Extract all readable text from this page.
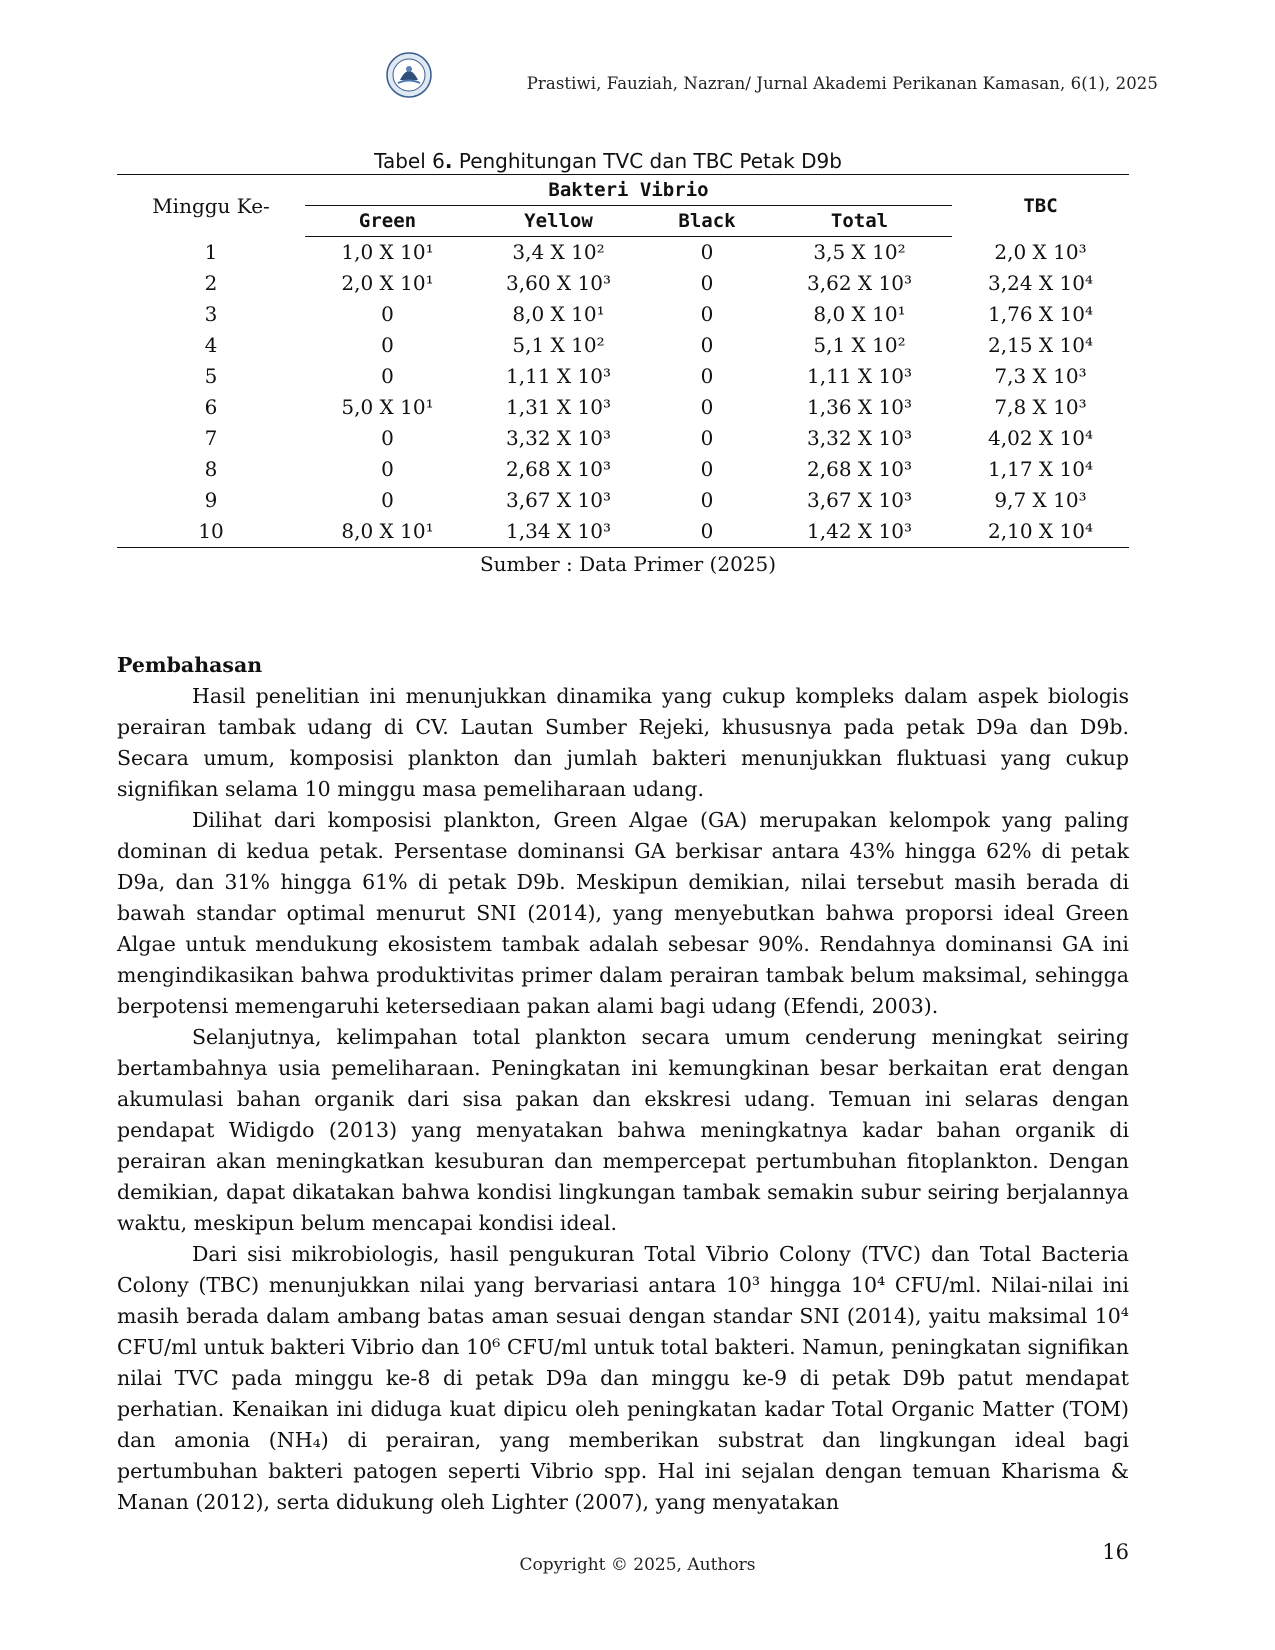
Prastiwi, Fauziah, Nazran/ Jurnal Akademi Perikanan Kamasan, 6(1), 2025
Tabel 6. Penghitungan TVC dan TBC Petak D9b
Minggu Ke-	Bakteri Vibrio				TBC
	Green	Yellow	Black	Total	
1	1,0 X 10¹	3,4 X 10²	0	3,5 X 10²	2,0 X 10³
2	2,0 X 10¹	3,60 X 10³	0	3,62 X 10³	3,24 X 10⁴
3	0	8,0 X 10¹	0	8,0 X 10¹	1,76 X 10⁴
4	0	5,1 X 10²	0	5,1 X 10²	2,15 X 10⁴
5	0	1,11 X 10³	0	1,11 X 10³	7,3 X 10³
6	5,0 X 10¹	1,31 X 10³	0	1,36 X 10³	7,8 X 10³
7	0	3,32 X 10³	0	3,32 X 10³	4,02 X 10⁴
8	0	2,68 X 10³	0	2,68 X 10³	1,17 X 10⁴
9	0	3,67 X 10³	0	3,67 X 10³	9,7 X 10³
10	8,0 X 10¹	1,34 X 10³	0	1,42 X 10³	2,10 X 10⁴
Sumber : Data Primer (2025)
Pembahasan

Hasil penelitian ini menunjukkan dinamika yang cukup kompleks dalam aspek biologis perairan tambak udang di CV. Lautan Sumber Rejeki, khususnya pada petak D9a dan D9b. Secara umum, komposisi plankton dan jumlah bakteri menunjukkan fluktuasi yang cukup signifikan selama 10 minggu masa pemeliharaan udang.

Dilihat dari komposisi plankton, Green Algae (GA) merupakan kelompok yang paling dominan di kedua petak. Persentase dominansi GA berkisar antara 43% hingga 62% di petak D9a, dan 31% hingga 61% di petak D9b. Meskipun demikian, nilai tersebut masih berada di bawah standar optimal menurut SNI (2014), yang menyebutkan bahwa proporsi ideal Green Algae untuk mendukung ekosistem tambak adalah sebesar 90%. Rendahnya dominansi GA ini mengindikasikan bahwa produktivitas primer dalam perairan tambak belum maksimal, sehingga berpotensi memengaruhi ketersediaan pakan alami bagi udang (Efendi, 2003).

Selanjutnya, kelimpahan total plankton secara umum cenderung meningkat seiring bertambahnya usia pemeliharaan. Peningkatan ini kemungkinan besar berkaitan erat dengan akumulasi bahan organik dari sisa pakan dan ekskresi udang. Temuan ini selaras dengan pendapat Widigdo (2013) yang menyatakan bahwa meningkatnya kadar bahan organik di perairan akan meningkatkan kesuburan dan mempercepat pertumbuhan fitoplankton. Dengan demikian, dapat dikatakan bahwa kondisi lingkungan tambak semakin subur seiring berjalannya waktu, meskipun belum mencapai kondisi ideal.

Dari sisi mikrobiologis, hasil pengukuran Total Vibrio Colony (TVC) dan Total Bacteria Colony (TBC) menunjukkan nilai yang bervariasi antara 10³ hingga 10⁴ CFU/ml. Nilai-nilai ini masih berada dalam ambang batas aman sesuai dengan standar SNI (2014), yaitu maksimal 10⁴ CFU/ml untuk bakteri Vibrio dan 10⁶ CFU/ml untuk total bakteri. Namun, peningkatan signifikan nilai TVC pada minggu ke-8 di petak D9a dan minggu ke-9 di petak D9b patut mendapat perhatian. Kenaikan ini diduga kuat dipicu oleh peningkatan kadar Total Organic Matter (TOM) dan amonia (NH₄) di perairan, yang memberikan substrat dan lingkungan ideal bagi pertumbuhan bakteri patogen seperti Vibrio spp. Hal ini sejalan dengan temuan Kharisma & Manan (2012), serta didukung oleh Lighter (2007), yang menyatakan

Copyright © 2025, Authors
16
